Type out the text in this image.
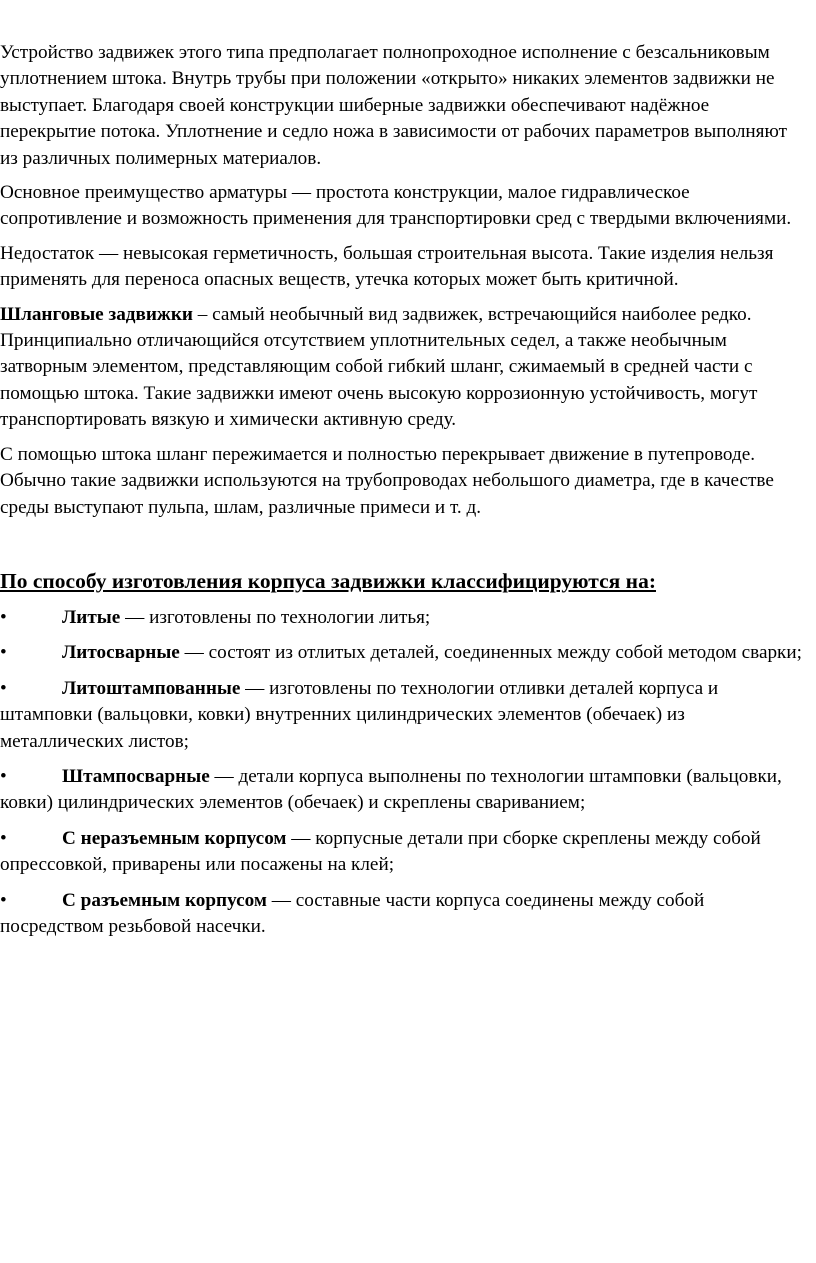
Устройство задвижек этого типа предполагает полнопроходное исполнение с безсальниковым уплотнением штока. Внутрь трубы при положении «открыто» никаких элементов задвижки не выступает. Благодаря своей конструкции шиберные задвижки обеспечивают надёжное перекрытие потока. Уплотнение и седло ножа в зависимости от рабочих параметров выполняют из различных полимерных материалов.

Основное преимущество арматуры — простота конструкции, малое гидравлическое сопротивление и возможность применения для транспортировки сред с твердыми включениями.

Недостаток — невысокая герметичность, большая строительная высота. Такие изделия нельзя применять для переноса опасных веществ, утечка которых может быть критичной.

Шланговые задвижки – самый необычный вид задвижек, встречающийся наиболее редко. Принципиально отличающийся отсутствием уплотнительных седел, а также необычным затворным элементом, представляющим собой гибкий шланг, сжимаемый в средней части с помощью штока. Такие задвижки имеют очень высокую коррозионную устойчивость, могут транспортировать вязкую и химически активную среду.

С помощью штока шланг пережимается и полностью перекрывает движение в путепроводе. Обычно такие задвижки используются на трубопроводах небольшого диаметра, где в качестве среды выступают пульпа, шлам, различные примеси и т. д.

По способу изготовления корпуса задвижки классифицируются на:

•	Литые — изготовлены по технологии литья;

•	Литосварные — состоят из отлитых деталей, соединенных между собой методом сварки;

•	Литоштампованные — изготовлены по технологии отливки деталей корпуса и штамповки (вальцовки, ковки) внутренних цилиндрических элементов (обечаек) из металлических листов;

•	Штампосварные — детали корпуса выполнены по технологии штамповки (вальцовки, ковки) цилиндрических элементов (обечаек) и скреплены свариванием;

•	С неразъемным корпусом — корпусные детали при сборке скреплены между собой опрессовкой, приварены или посажены на клей;

•	С разъемным корпусом — составные части корпуса соединены между собой посредством резьбовой насечки.
